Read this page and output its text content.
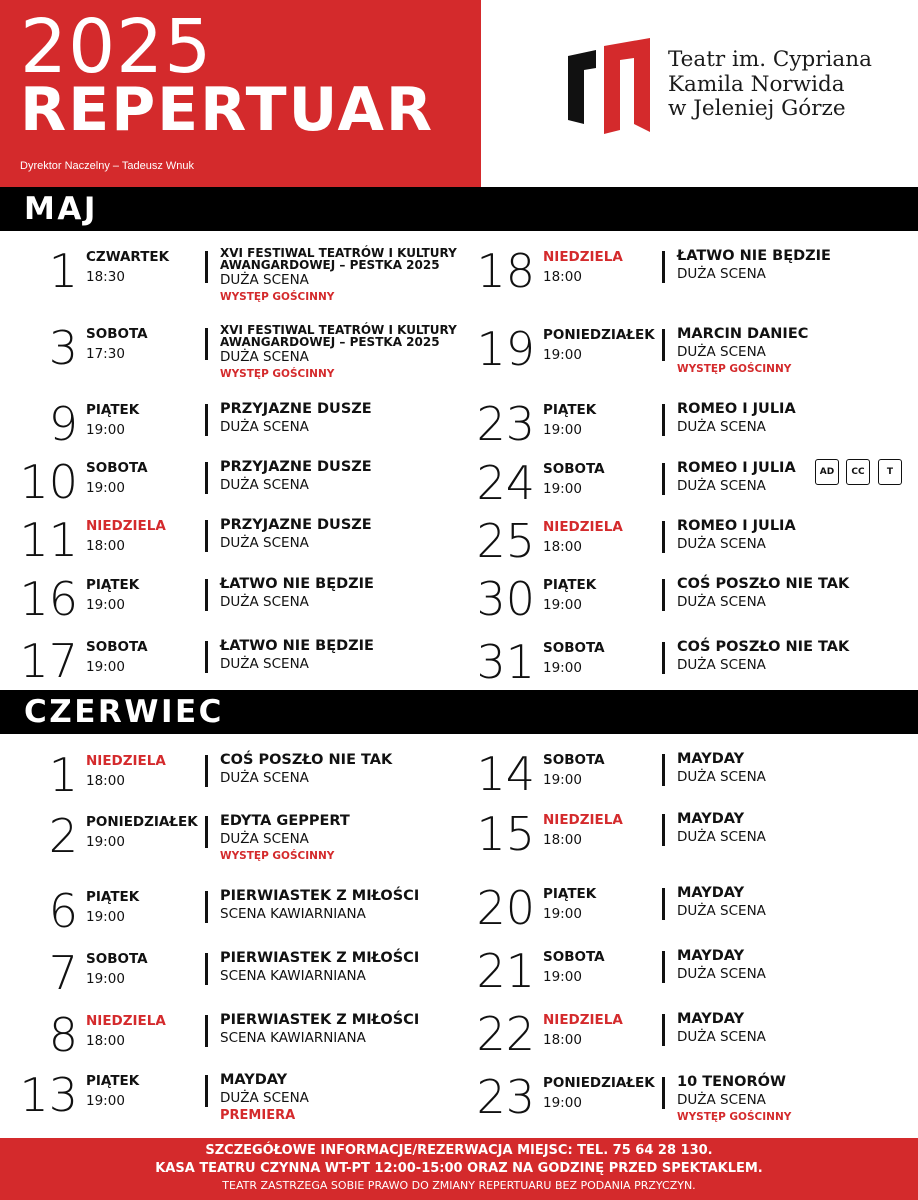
2025
REPERTUAR
Dyrektor Naczelny – Tadeusz Wnuk
Teatr im. Cypriana
Kamila Norwida
w Jeleniej Górze
MAJ
CZERWIEC
1 CZWARTEK
18:30
XVI FESTIWAL TEATRÓW I KULTURY AWANGARDOWEJ – PESTKA 2025
DUŻA SCENA
WYSTĘP GOŚCINNY
3 SOBOTA
17:30
XVI FESTIWAL TEATRÓW I KULTURY AWANGARDOWEJ – PESTKA 2025
DUŻA SCENA
WYSTĘP GOŚCINNY
9 PIĄTEK
19:00
PRZYJAZNE DUSZE
DUŻA SCENA
10 SOBOTA
19:00
PRZYJAZNE DUSZE
DUŻA SCENA
11 NIEDZIELA
18:00
PRZYJAZNE DUSZE
DUŻA SCENA
16 PIĄTEK
19:00
ŁATWO NIE BĘDZIE
DUŻA SCENA
17 SOBOTA
19:00
ŁATWO NIE BĘDZIE
DUŻA SCENA
18 NIEDZIELA
18:00
ŁATWO NIE BĘDZIE
DUŻA SCENA
19 PONIEDZIAŁEK
19:00
MARCIN DANIEC
DUŻA SCENA
WYSTĘP GOŚCINNY
23 PIĄTEK
19:00
ROMEO I JULIA
DUŻA SCENA
24 SOBOTA
19:00
ROMEO I JULIA
DUŻA SCENA
25 NIEDZIELA
18:00
ROMEO I JULIA
DUŻA SCENA
30 PIĄTEK
19:00
COŚ POSZŁO NIE TAK
DUŻA SCENA
31 SOBOTA
19:00
COŚ POSZŁO NIE TAK
DUŻA SCENA
1 NIEDZIELA
18:00
COŚ POSZŁO NIE TAK
DUŻA SCENA
2 PONIEDZIAŁEK
19:00
EDYTA GEPPERT
DUŻA SCENA
WYSTĘP GOŚCINNY
6 PIĄTEK
19:00
PIERWIASTEK Z MIŁOŚCI
SCENA KAWIARNIANA
7 SOBOTA
19:00
PIERWIASTEK Z MIŁOŚCI
SCENA KAWIARNIANA
8 NIEDZIELA
18:00
PIERWIASTEK Z MIŁOŚCI
SCENA KAWIARNIANA
13 PIĄTEK
19:00
MAYDAY
DUŻA SCENA
PREMIERA
14 SOBOTA
19:00
MAYDAY
DUŻA SCENA
15 NIEDZIELA
18:00
MAYDAY
DUŻA SCENA
20 PIĄTEK
19:00
MAYDAY
DUŻA SCENA
21 SOBOTA
19:00
MAYDAY
DUŻA SCENA
22 NIEDZIELA
18:00
MAYDAY
DUŻA SCENA
23 PONIEDZIAŁEK
19:00
10 TENORÓW
DUŻA SCENA
WYSTĘP GOŚCINNY
AD	CC	T
SZCZEGÓŁOWE INFORMACJE/REZERWACJA MIEJSC: TEL. 75 64 28 130.
KASA TEATRU CZYNNA WT-PT 12:00-15:00 ORAZ NA GODZINĘ PRZED SPEKTAKLEM.
TEATR ZASTRZEGA SOBIE PRAWO DO ZMIANY REPERTUARU BEZ PODANIA PRZYCZYN.
